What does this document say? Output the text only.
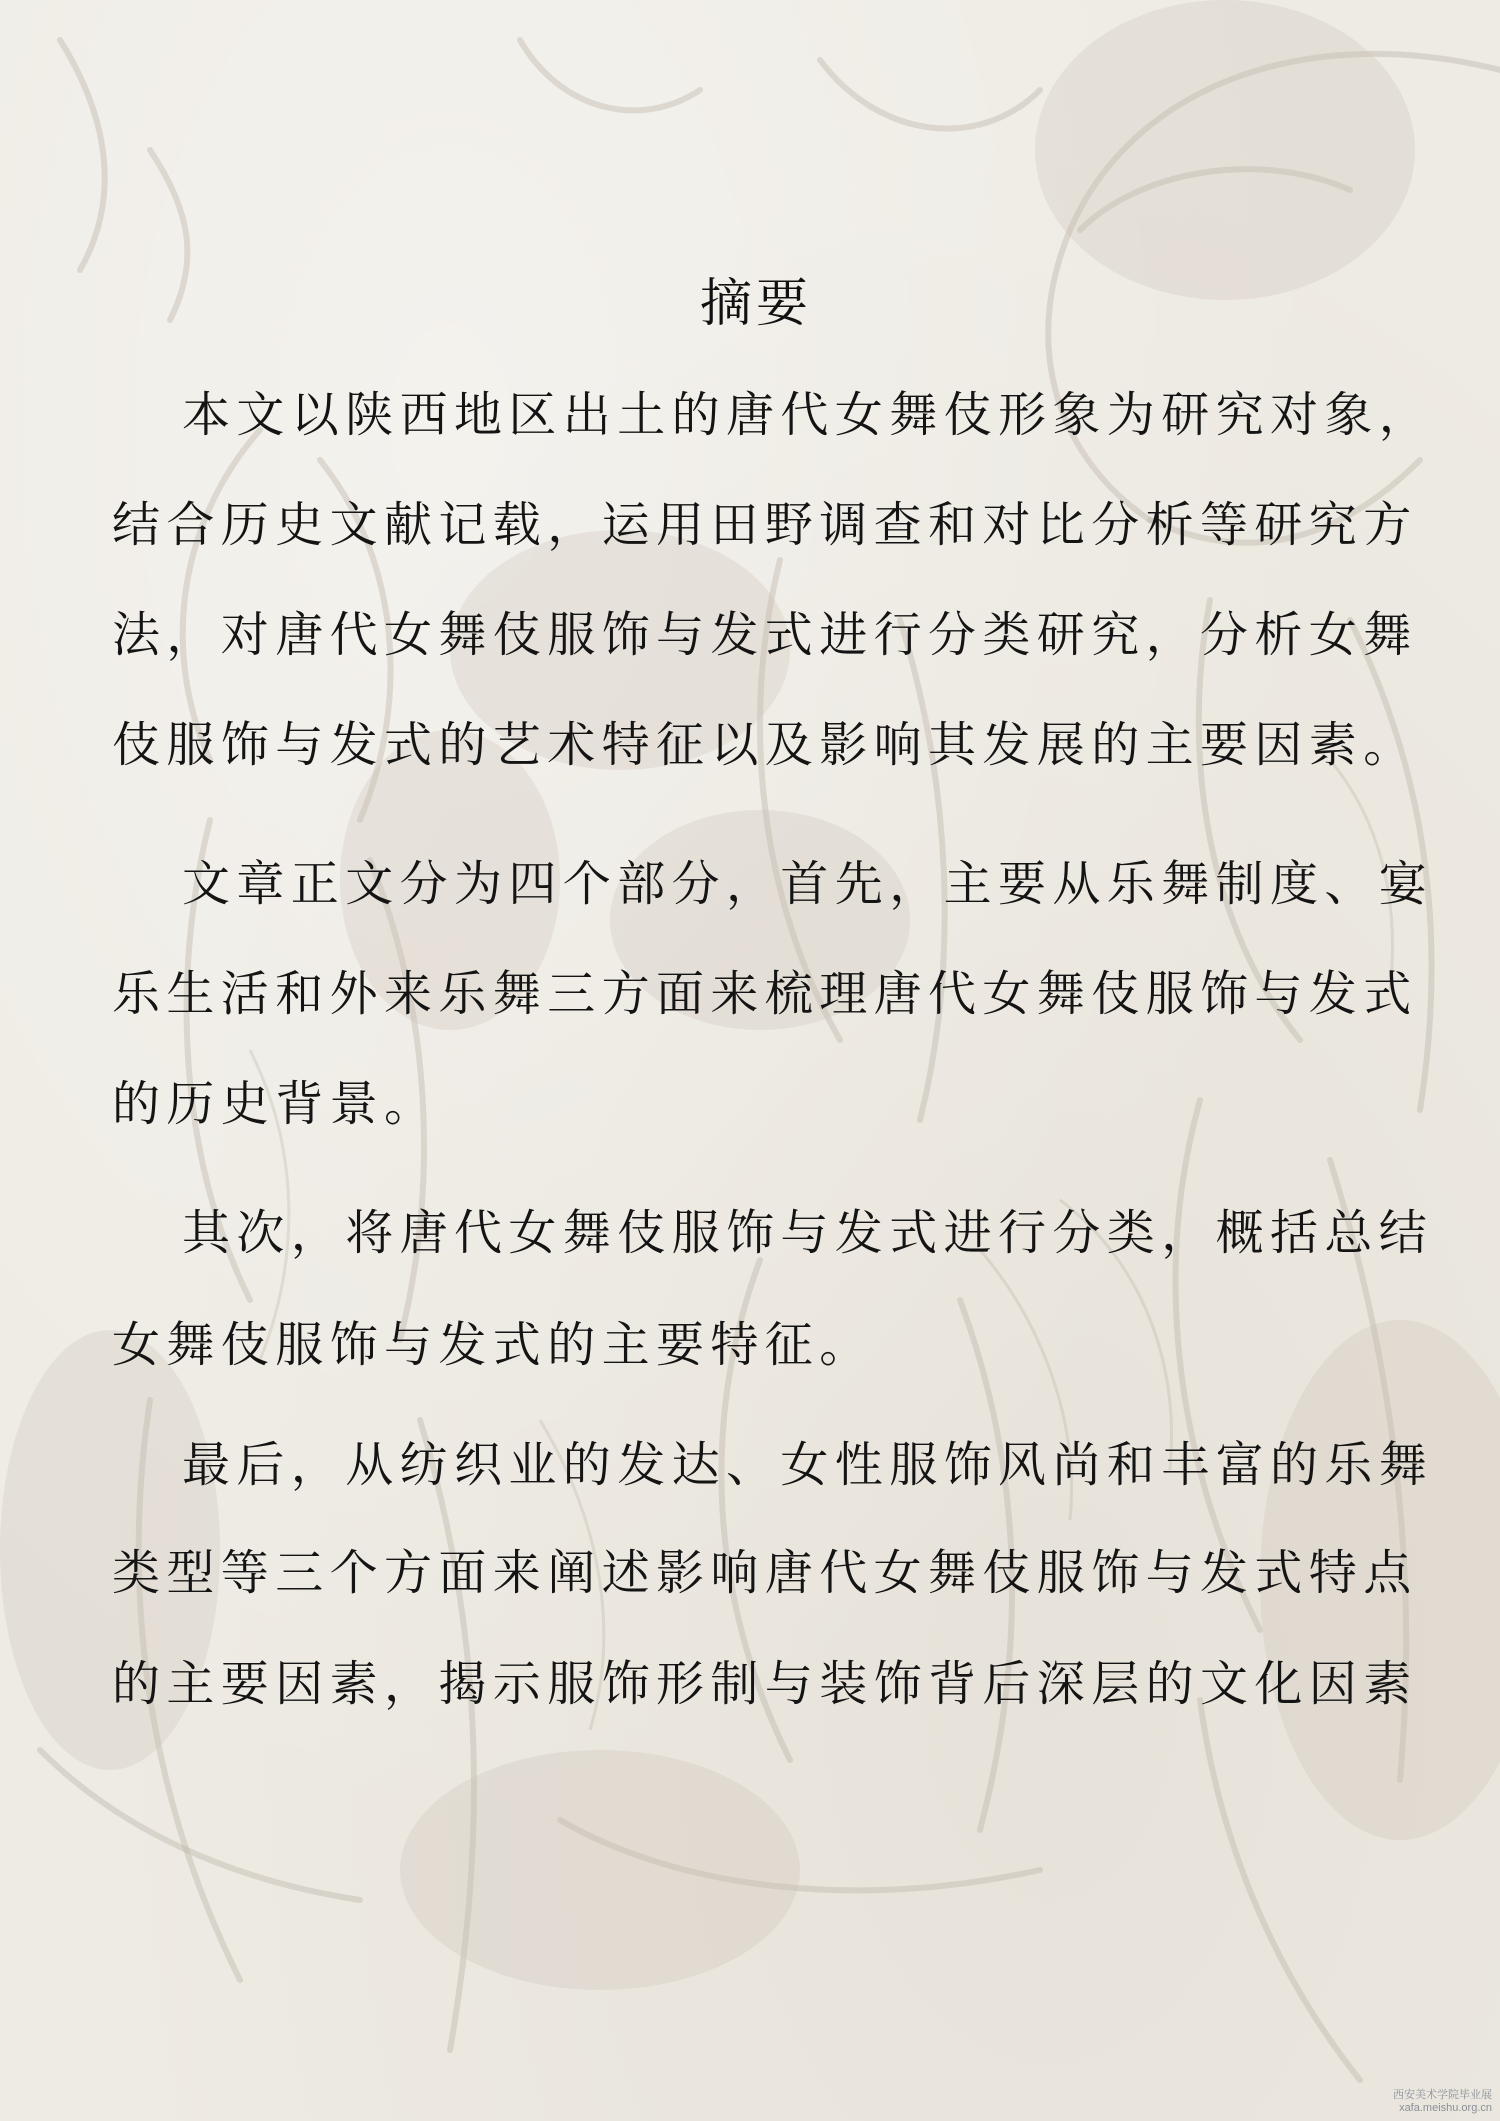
摘要
本文以陕西地区出土的唐代女舞伎形象为研究对象，
结合历史文献记载，运用田野调查和对比分析等研究方
法，对唐代女舞伎服饰与发式进行分类研究，分析女舞
伎服饰与发式的艺术特征以及影响其发展的主要因素。
文章正文分为四个部分，首先，主要从乐舞制度、宴
乐生活和外来乐舞三方面来梳理唐代女舞伎服饰与发式
的历史背景。
其次，将唐代女舞伎服饰与发式进行分类，概括总结
女舞伎服饰与发式的主要特征。
最后，从纺织业的发达、女性服饰风尚和丰富的乐舞
类型等三个方面来阐述影响唐代女舞伎服饰与发式特点
的主要因素，揭示服饰形制与装饰背后深层的文化因素
西安美术学院毕业展
xafa.meishu.org.cn
